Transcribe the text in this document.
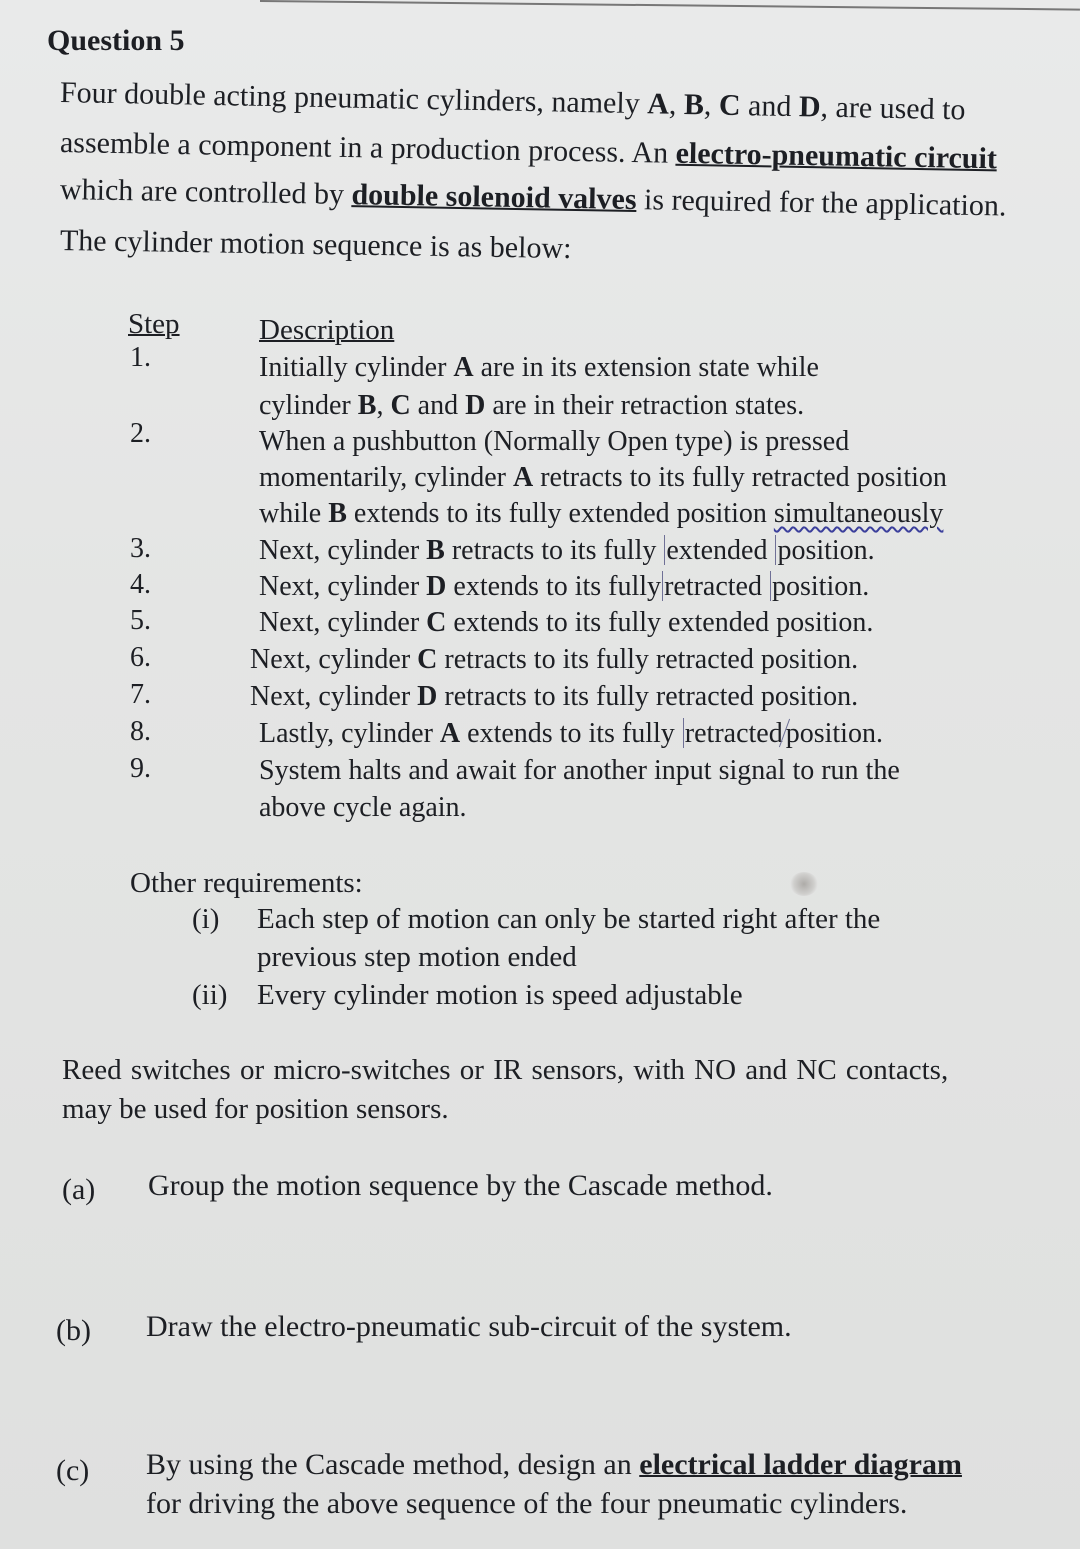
Question 5
Four double acting pneumatic cylinders, namely A, B, C and D, are used to
assemble a component in a production process. An electro-pneumatic circuit
which are controlled by double solenoid valves is required for the application.
The cylinder motion sequence is as below:
Step	Description
1.	Initially cylinder A are in its extension state while
cylinder B, C and D are in their retraction states.
2.	When a pushbutton (Normally Open type) is pressed
momentarily, cylinder A retracts to its fully retracted position
while B extends to its fully extended position simultaneously
3.	Next, cylinder B retracts to its fully extended position.
4.	Next, cylinder D extends to its fully retracted position.
5.	Next, cylinder C extends to its fully extended position.
6.	Next, cylinder C retracts to its fully retracted position.
7.	Next, cylinder D retracts to its fully retracted position.
8.	Lastly, cylinder A extends to its fully retracted position.
9.	System halts and await for another input signal to run the
above cycle again.
Other requirements:
(i) Each step of motion can only be started right after the
previous step motion ended
(ii) Every cylinder motion is speed adjustable
Reed switches or micro-switches or IR sensors, with NO and NC contacts,
may be used for position sensors.
(a) Group the motion sequence by the Cascade method.
(b) Draw the electro-pneumatic sub-circuit of the system.
(c) By using the Cascade method, design an electrical ladder diagram
for driving the above sequence of the four pneumatic cylinders.
